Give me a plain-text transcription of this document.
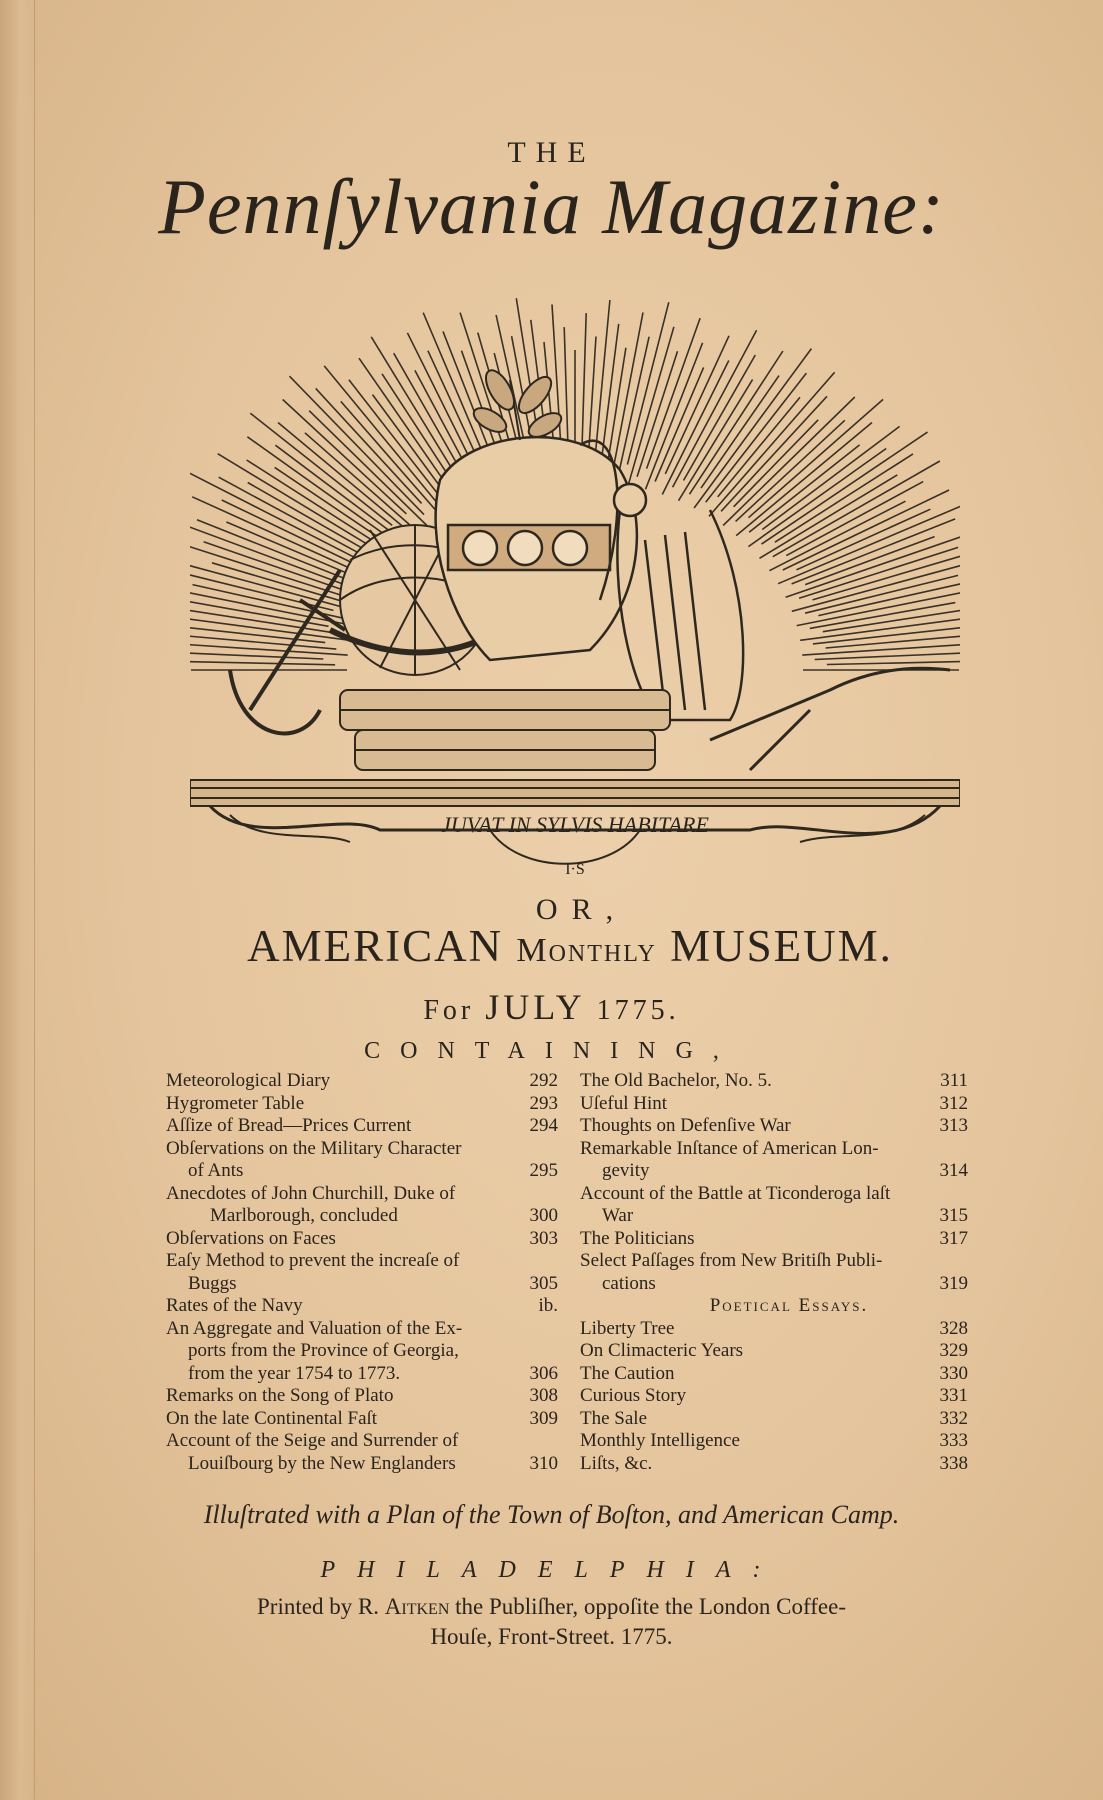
THE
Pennſylvania Magazine:
JUVAT IN SYLVIS HABITARE
I·S
OR,
AMERICAN Monthly MUSEUM.
For JULY 1775.
CONTAINING,
Meteorological Diary	292
Hygrometer Table	293
Aſſize of Bread—Prices Current	294
Obſervations on the Military Character
of Ants	295
Anecdotes of John Churchill, Duke of
Marlborough, concluded	300
Obſervations on Faces	303
Eaſy Method to prevent the increaſe of
Buggs	305
Rates of the Navy	ib.
An Aggregate and Valuation of the Ex-
ports from the Province of Georgia,
from the year 1754 to 1773.	306
Remarks on the Song of Plato	308
On the late Continental Faſt	309
Account of the Seige and Surrender of
Louiſbourg by the New Englanders	310
The Old Bachelor, No. 5.	311
Uſeful Hint	312
Thoughts on Defenſive War	313
Remarkable Inſtance of American Lon-
gevity	314
Account of the Battle at Ticonderoga laſt
War	315
The Politicians	317
Select Paſſages from New Britiſh Publi-
cations	319
Poetical Essays.
Liberty Tree	328
On Climacteric Years	329
The Caution	330
Curious Story	331
The Sale	332
Monthly Intelligence	333
Liſts, &c.	338
Illuſtrated with a Plan of the Town of Boſton, and American Camp.
PHILADELPHIA:
Printed by R. Aitken the Publiſher, oppoſite the London Coffee-
Houſe, Front-Street. 1775.
